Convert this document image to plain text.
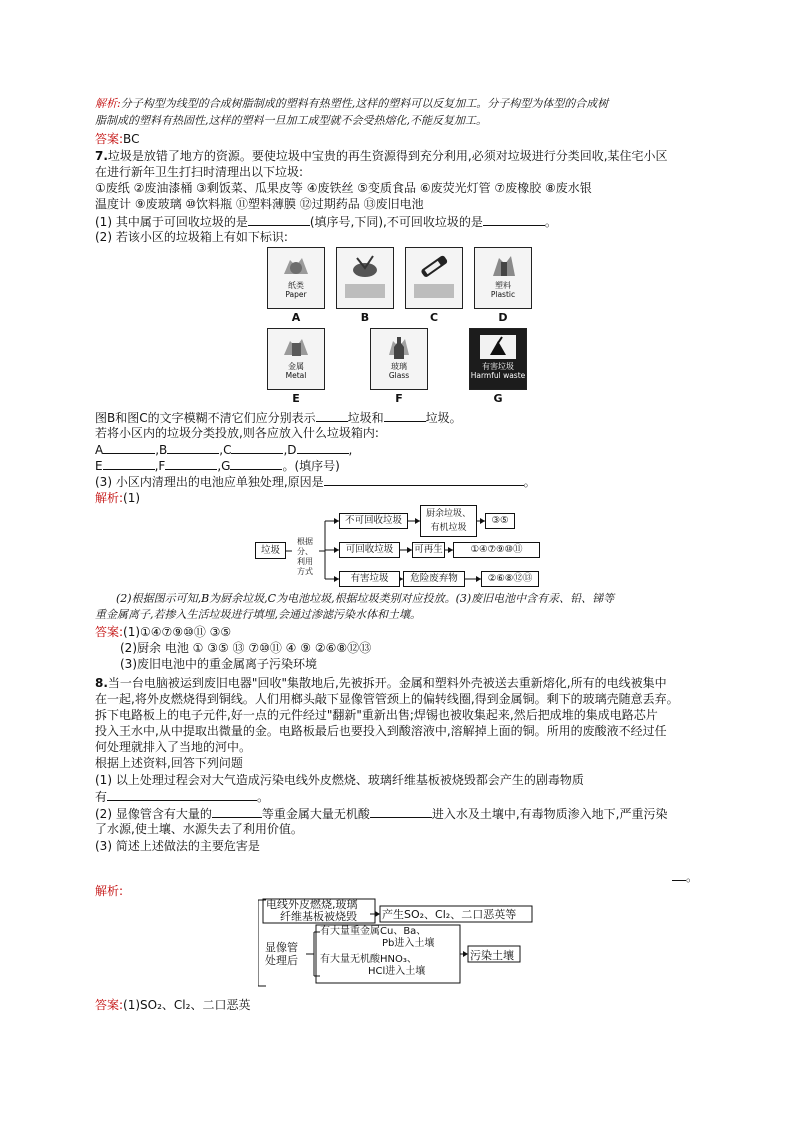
解析:分子构型为线型的合成树脂制成的塑料有热塑性,这样的塑料可以反复加工。分子构型为体型的合成树
脂制成的塑料有热固性,这样的塑料一旦加工成型就不会受热熔化,不能反复加工。
答案:BC
7.垃圾是放错了地方的资源。要使垃圾中宝贵的再生资源得到充分利用,必须对垃圾进行分类回收,某住宅小区
在进行新年卫生打扫时清理出以下垃圾:
①废纸 ②废油漆桶 ③剩饭菜、瓜果皮等 ④废铁丝 ⑤变质食品 ⑥废荧光灯管 ⑦废橡胶 ⑧废水银
温度计 ⑨废玻璃 ⑩饮料瓶 ⑪塑料薄膜 ⑫过期药品 ⑬废旧电池
(1) 其中属于可回收垃圾的是	(填序号,下同),不可回收垃圾的是	。
(2) 若该小区的垃圾箱上有如下标识:
纸类
Paper
A	B	C
塑料
Plastic
D
金属
Metal
E
玻璃
Glass
F
有害垃圾
Harmful waste
G
图B和图C的文字模糊不清它们应分别表示	垃圾和	垃圾。
若将小区内的垃圾分类投放,则各应放入什么垃圾箱内:
A	,B	,C	,D	,
E	,F	,G	。(填序号)
(3) 小区内清理出的电池应单独处理,原因是	。
解析:(1)
垃圾
根据分、
利用
方式
不可回收垃圾
厨余垃圾、有机垃圾
③⑤
可回收垃圾	可再生	①④⑦⑨⑩⑪
有害垃圾	危险废弃物	②⑥⑧⑫⑬
(2)根据图示可知,B为厨余垃圾,C为电池垃圾,根据垃圾类别对应投放。(3)废旧电池中含有汞、铅、锑等
重金属离子,若掺入生活垃圾进行填埋,会通过渗滤污染水体和土壤。
答案:(1)①④⑦⑨⑩⑪ ③⑤
(2)厨余 电池 ① ③⑤ ⑬ ⑦⑩⑪ ④ ⑨ ②⑥⑧⑫⑬
(3)废旧电池中的重金属离子污染环境
8.当一台电脑被运到废旧电器"回收"集散地后,先被拆开。金属和塑料外壳被送去重新熔化,所有的电线被集中
在一起,将外皮燃烧得到铜线。人们用榔头敲下显像管管颈上的偏转线圈,得到金属铜。剩下的玻璃壳随意丢弃。
拆下电路板上的电子元件,好一点的元件经过"翻新"重新出售;焊锡也被收集起来,然后把成堆的集成电路芯片
投入王水中,从中提取出微量的金。电路板最后也要投入到酸溶液中,溶解掉上面的铜。所用的废酸液不经过任
何处理就排入了当地的河中。
根据上述资料,回答下列问题
(1) 以上处理过程会对大气造成污染电线外皮燃烧、玻璃纤维基板被烧毁都会产生的剧毒物质
有	。
(2) 显像管含有大量的	等重金属大量无机酸	进入水及土壤中,有毒物质渗入地下,严重污染
了水源,使土壤、水源失去了利用价值。
(3) 简述上述做法的主要危害是
。
解析:
电线外皮燃烧,玻璃
纤维基板被烧毁 产生SO₂、Cl₂、二口恶英等
显像管
处理后
有大量重金属Cu、Ba、
Pb进入土壤
有大量无机酸HNO₃、
HCl进入土壤
污染土壤
答案:(1)SO₂、Cl₂、二口恶英
